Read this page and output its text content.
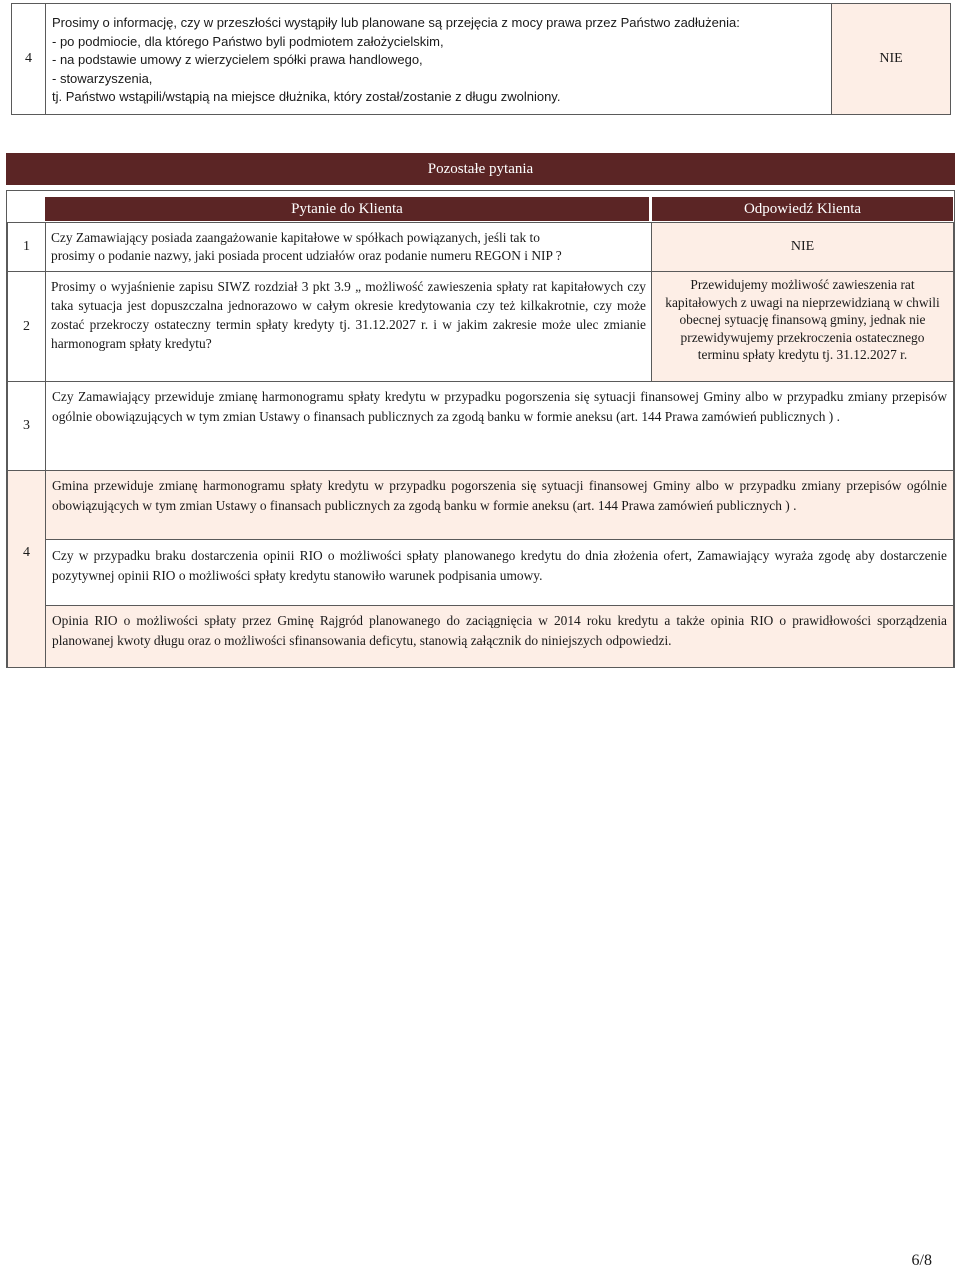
4
Prosimy o informację, czy w przeszłości wystąpiły lub planowane są przejęcia z mocy prawa przez Państwo zadłużenia:
- po podmiocie, dla którego Państwo byli podmiotem założycielskim,
- na podstawie umowy z wierzycielem spółki prawa handlowego,
- stowarzyszenia,
tj. Państwo wstąpili/wstąpią na miejsce dłużnika, który został/zostanie z długu zwolniony.
NIE
Pozostałe pytania
Pytanie do Klienta	Odpowiedź Klienta
1
Czy Zamawiający posiada zaangażowanie kapitałowe w spółkach powiązanych, jeśli tak to
prosimy o podanie nazwy, jaki posiada procent udziałów oraz podanie numeru REGON i NIP ?
NIE
2
Prosimy o wyjaśnienie zapisu SIWZ rozdział 3 pkt 3.9 „ możliwość zawieszenia spłaty rat kapitałowych czy taka sytuacja jest dopuszczalna jednorazowo w całym okresie kredytowania czy też kilkakrotnie, czy może zostać przekroczy ostateczny termin spłaty kredyty tj. 31.12.2027 r. i w jakim zakresie może ulec zmianie harmonogram spłaty kredytu?
Przewidujemy możliwość zawieszenia rat kapitałowych z uwagi na nieprzewidzianą w chwili obecnej sytuację finansową gminy, jednak nie przewidywujemy przekroczenia ostatecznego terminu spłaty kredytu tj. 31.12.2027 r.
3
Czy Zamawiający przewiduje zmianę harmonogramu spłaty kredytu w przypadku pogorszenia się sytuacji finansowej Gminy albo w przypadku zmiany przepisów ogólnie obowiązujących w tym zmian Ustawy o finansach publicznych za zgodą banku w formie aneksu (art. 144 Prawa zamówień publicznych ) .
4
Gmina przewiduje zmianę harmonogramu spłaty kredytu w przypadku pogorszenia się sytuacji finansowej Gminy albo w przypadku zmiany przepisów ogólnie obowiązujących w tym zmian Ustawy o finansach publicznych za zgodą banku w formie aneksu (art. 144 Prawa zamówień publicznych ) .
Czy w przypadku braku dostarczenia opinii RIO o możliwości spłaty planowanego kredytu do dnia złożenia ofert, Zamawiający wyraża zgodę aby dostarczenie pozytywnej opinii RIO o możliwości spłaty kredytu stanowiło warunek podpisania umowy.
Opinia RIO o możliwości spłaty przez Gminę Rajgród planowanego do zaciągnięcia w 2014 roku kredytu a także opinia RIO o prawidłowości sporządzenia planowanej kwoty długu oraz o możliwości sfinansowania deficytu, stanowią załącznik do niniejszych odpowiedzi.
6/8
